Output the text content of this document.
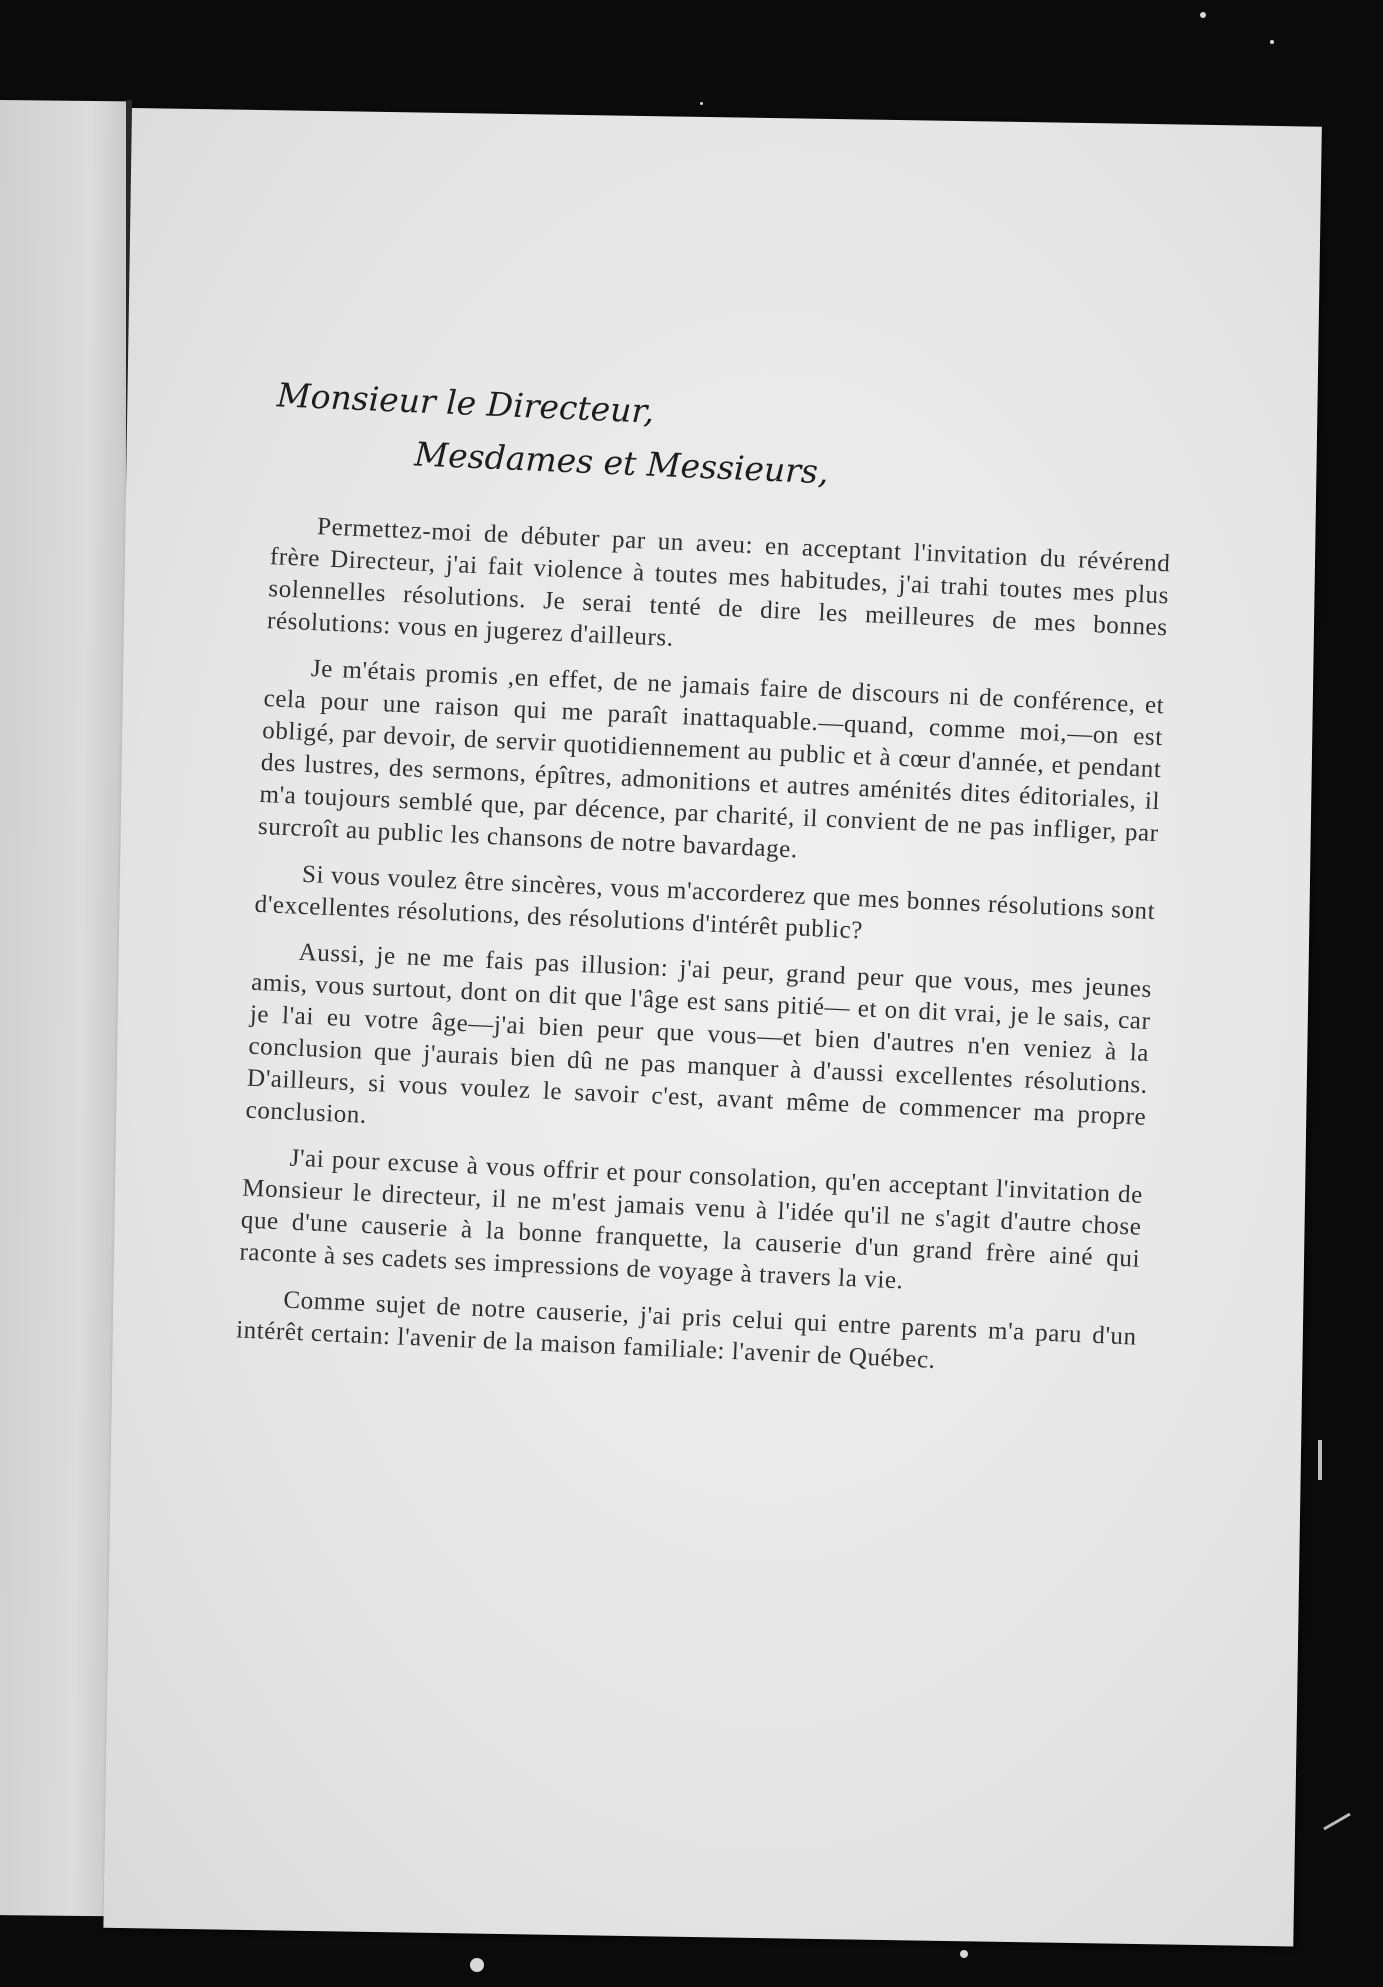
Monsieur le Directeur,
Mesdames et Messieurs,

Permettez-moi de débuter par un aveu: en acceptant l'invitation du révérend frère Directeur, j'ai fait violence à toutes mes habitudes, j'ai trahi toutes mes plus solennelles résolutions. Je serai tenté de dire les meilleures de mes bonnes résolutions: vous en jugerez d'ailleurs.

Je m'étais promis ,en effet, de ne jamais faire de discours ni de conférence, et cela pour une raison qui me paraît inattaquable.—quand, comme moi,—on est obligé, par devoir, de servir quotidiennement au public et à cœur d'année, et pendant des lustres, des sermons, épîtres, admonitions et autres aménités dites éditoriales, il m'a toujours semblé que, par décence, par charité, il convient de ne pas infliger, par surcroît au public les chansons de notre bavardage.

Si vous voulez être sincères, vous m'accorderez que mes bonnes résolutions sont d'excellentes résolutions, des résolutions d'intérêt public?

Aussi, je ne me fais pas illusion: j'ai peur, grand peur que vous, mes jeunes amis, vous surtout, dont on dit que l'âge est sans pitié— et on dit vrai, je le sais, car je l'ai eu votre âge—j'ai bien peur que vous—et bien d'autres n'en veniez à la conclusion que j'aurais bien dû ne pas manquer à d'aussi excellentes résolutions. D'ailleurs, si vous voulez le savoir c'est, avant même de commencer ma propre conclusion.

J'ai pour excuse à vous offrir et pour consolation, qu'en acceptant l'invitation de Monsieur le directeur, il ne m'est jamais venu à l'idée qu'il ne s'agit d'autre chose que d'une causerie à la bonne franquette, la causerie d'un grand frère ainé qui raconte à ses cadets ses impressions de voyage à travers la vie.

Comme sujet de notre causerie, j'ai pris celui qui entre parents m'a paru d'un intérêt certain: l'avenir de la maison familiale: l'avenir de Québec.
